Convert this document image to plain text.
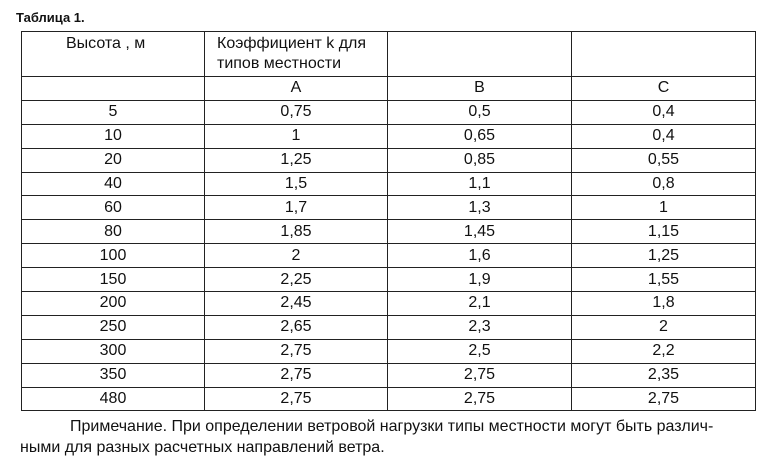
Таблица 1.
Высота , м	Коэффициент k для
типов местности		
	A	B	C
5	0,75	0,5	0,4
10	1	0,65	0,4
20	1,25	0,85	0,55
40	1,5	1,1	0,8
60	1,7	1,3	1
80	1,85	1,45	1,15
100	2	1,6	1,25
150	2,25	1,9	1,55
200	2,45	2,1	1,8
250	2,65	2,3	2
300	2,75	2,5	2,2
350	2,75	2,75	2,35
480	2,75	2,75	2,75
Примечание. При определении ветровой нагрузки типы местности могут быть различ-
ными для разных расчетных направлений ветра.
